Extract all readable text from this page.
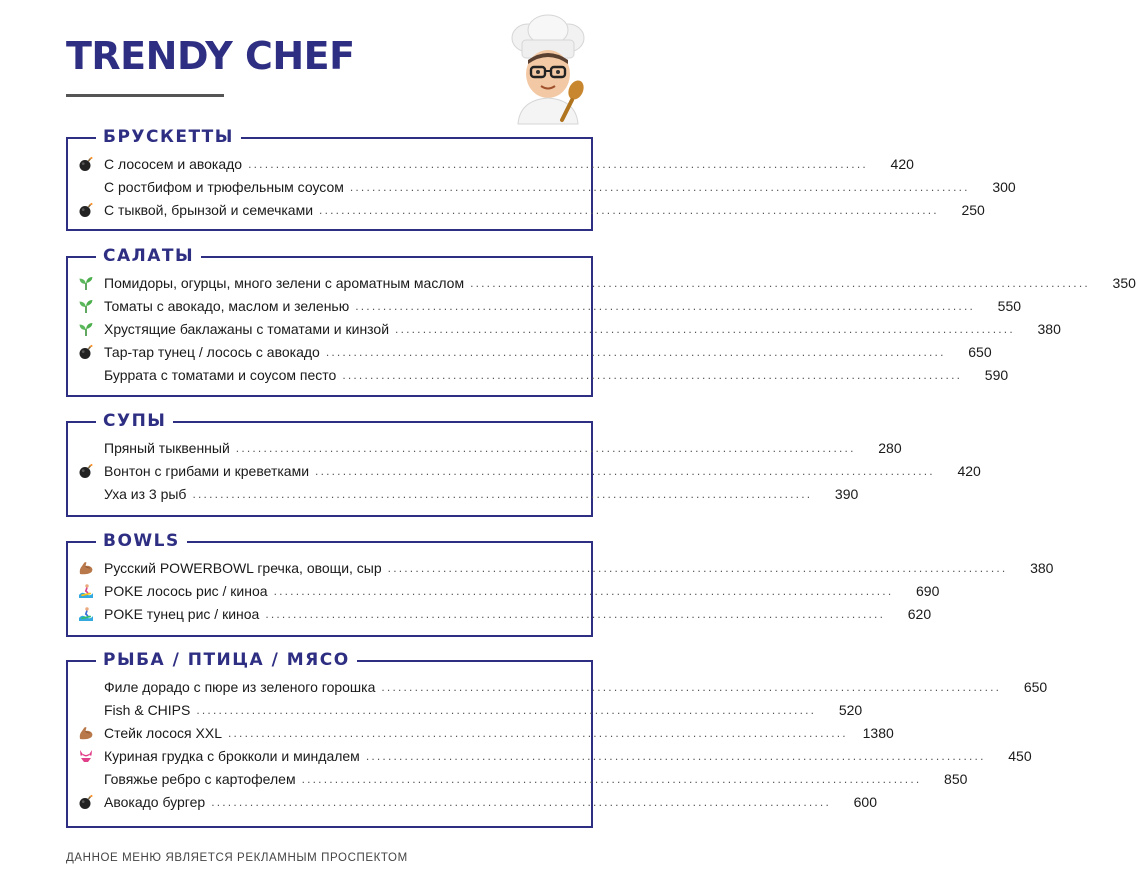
TRENDY CHEF
БРУСКЕТТЫ
С лососем и авокадо ................................................................................................................	420
С ростбифом и трюфельным соусом ................................................................................................................	300
С тыквой, брынзой и семечками ................................................................................................................	250
САЛАТЫ
Помидоры, огурцы, много зелени с ароматным маслом ................................................................................................................	350
Томаты с авокадо, маслом и зеленью ................................................................................................................	550
Хрустящие баклажаны с томатами и кинзой ................................................................................................................	380
Тар-тар тунец / лосось с авокадо ................................................................................................................	650
Буррата с томатами и соусом песто ................................................................................................................	590
СУПЫ
Пряный тыквенный ................................................................................................................	280
Вонтон с грибами и креветками ................................................................................................................	420
Уха из 3 рыб ................................................................................................................	390
BOWLS
Русский POWERBOWL гречка, овощи, сыр ................................................................................................................	380
POKE лосось рис / киноа ................................................................................................................	690
POKE тунец рис / киноа ................................................................................................................	620
РЫБА / ПТИЦА / МЯСО
Филе дорадо с пюре из зеленого горошка ................................................................................................................	650
Fish & CHIPS ................................................................................................................	520
Стейк лосося XXL ................................................................................................................	1380
Куриная грудка с брокколи и миндалем ................................................................................................................	450
Говяжье ребро с картофелем ................................................................................................................	850
Авокадо бургер ................................................................................................................	600

ДАННОЕ МЕНЮ ЯВЛЯЕТСЯ РЕКЛАМНЫМ ПРОСПЕКТОМ
